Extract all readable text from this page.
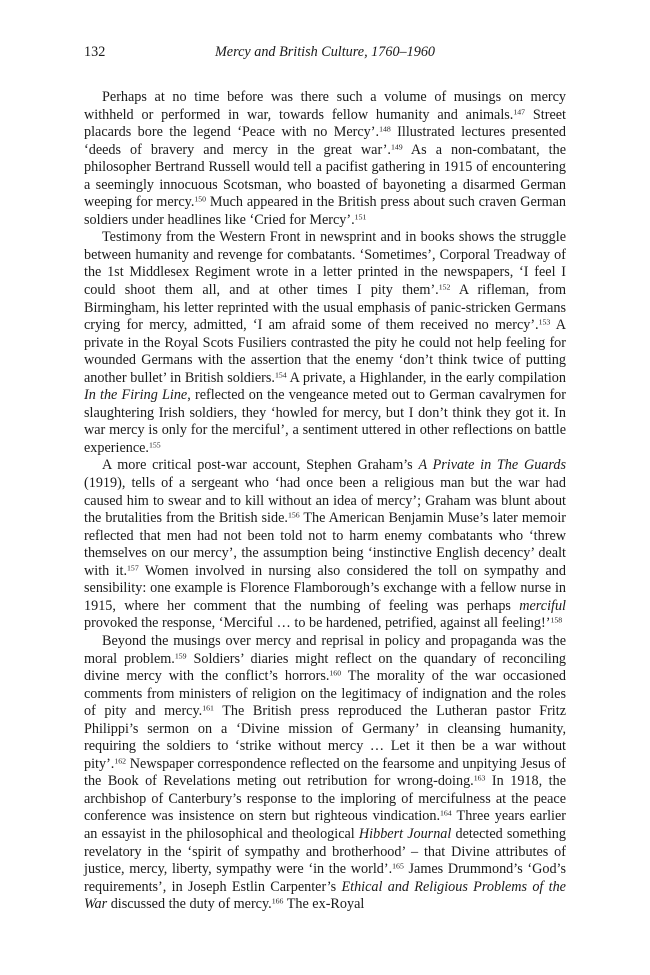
132	Mercy and British Culture, 1760–1960

Perhaps at no time before was there such a volume of musings on mercy withheld or performed in war, towards fellow humanity and animals.$^{147}$ Street placards bore the legend ‘Peace with no Mercy’.$^{148}$ Illustrated lectures presented ‘deeds of bravery and mercy in the great war’.$^{149}$ As a non-combatant, the philosopher Bertrand Russell would tell a pacifist gathering in 1915 of encountering a seemingly innocuous Scotsman, who boasted of bayoneting a disarmed German weeping for mercy.$^{150}$ Much appeared in the British press about such craven German soldiers under headlines like ‘Cried for Mercy’.$^{151}$

Testimony from the Western Front in newsprint and in books shows the struggle between humanity and revenge for combatants. ‘Sometimes’, Corporal Treadway of the 1st Middlesex Regiment wrote in a letter printed in the newspapers, ‘I feel I could shoot them all, and at other times I pity them’.$^{152}$ A rifleman, from Birmingham, his letter reprinted with the usual emphasis of panic-stricken Germans crying for mercy, admitted, ‘I am afraid some of them received no mercy’.$^{153}$ A private in the Royal Scots Fusiliers contrasted the pity he could not help feeling for wounded Germans with the assertion that the enemy ‘don’t think twice of putting another bullet’ in British soldiers.$^{154}$ A private, a Highlander, in the early compilation In the Firing Line, reflected on the vengeance meted out to German cavalrymen for slaughtering Irish soldiers, they ‘howled for mercy, but I don’t think they got it. In war mercy is only for the merciful’, a sentiment uttered in other reflections on battle experience.$^{155}$

A more critical post-war account, Stephen Graham’s A Private in The Guards (1919), tells of a sergeant who ‘had once been a religious man but the war had caused him to swear and to kill without an idea of mercy’; Graham was blunt about the brutalities from the British side.$^{156}$ The American Benjamin Muse’s later memoir reflected that men had not been told not to harm enemy combatants who ‘threw themselves on our mercy’, the assumption being ‘instinctive English decency’ dealt with it.$^{157}$ Women involved in nursing also considered the toll on sympathy and sensibility: one example is Florence Flamborough’s exchange with a fellow nurse in 1915, where her comment that the numbing of feeling was perhaps merciful provoked the response, ‘Merciful … to be hardened, petrified, against all feeling!’$^{158}$

Beyond the musings over mercy and reprisal in policy and propaganda was the moral problem.$^{159}$ Soldiers’ diaries might reflect on the quandary of reconciling divine mercy with the conflict’s horrors.$^{160}$ The morality of the war occasioned comments from ministers of religion on the legitimacy of indignation and the roles of pity and mercy.$^{161}$ The British press reproduced the Lutheran pastor Fritz Philippi’s sermon on a ‘Divine mission of Germany’ in cleansing humanity, requiring the soldiers to ‘strike without mercy … Let it then be a war without pity’.$^{162}$ Newspaper correspondence reflected on the fearsome and unpitying Jesus of the Book of Revelations meting out retribution for wrong-doing.$^{163}$ In 1918, the archbishop of Canterbury’s response to the imploring of mercifulness at the peace conference was insistence on stern but righteous vindication.$^{164}$ Three years earlier an essayist in the philosophical and theological Hibbert Journal detected something revelatory in the ‘spirit of sympathy and brotherhood’ – that Divine attributes of justice, mercy, liberty, sympathy were ‘in the world’.$^{165}$ James Drummond’s ‘God’s requirements’, in Joseph Estlin Carpenter’s Ethical and Religious Problems of the War discussed the duty of mercy.$^{166}$ The ex-Royal
